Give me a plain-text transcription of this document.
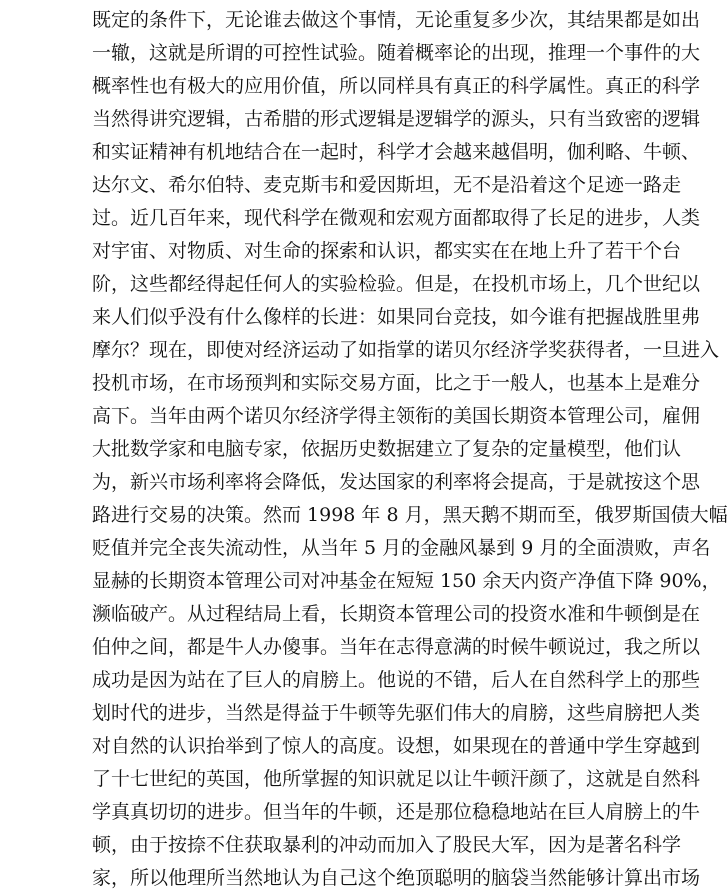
既定的条件下，无论谁去做这个事情，无论重复多少次，其结果都是如出
一辙，这就是所谓的可控性试验。随着概率论的出现，推理一个事件的大
概率性也有极大的应用价值，所以同样具有真正的科学属性。真正的科学
当然得讲究逻辑，古希腊的形式逻辑是逻辑学的源头，只有当致密的逻辑
和实证精神有机地结合在一起时，科学才会越来越倡明，伽利略、牛顿、
达尔文、希尔伯特、麦克斯韦和爱因斯坦，无不是沿着这个足迹一路走
过。近几百年来，现代科学在微观和宏观方面都取得了长足的进步，人类
对宇宙、对物质、对生命的探索和认识，都实实在在地上升了若干个台
阶，这些都经得起任何人的实验检验。但是，在投机市场上，几个世纪以
来人们似乎没有什么像样的长进：如果同台竞技，如今谁有把握战胜里弗
摩尔？现在，即使对经济运动了如指掌的诺贝尔经济学奖获得者，一旦进入
投机市场，在市场预判和实际交易方面，比之于一般人，也基本上是难分
高下。当年由两个诺贝尔经济学得主领衔的美国长期资本管理公司，雇佣
大批数学家和电脑专家，依据历史数据建立了复杂的定量模型，他们认
为，新兴市场利率将会降低，发达国家的利率将会提高，于是就按这个思
路进行交易的决策。然而 1998 年 8 月，黑天鹅不期而至，俄罗斯国债大幅
贬值并完全丧失流动性，从当年 5 月的金融风暴到 9 月的全面溃败，声名
显赫的长期资本管理公司对冲基金在短短 150 余天内资产净值下降 90%，
濒临破产。从过程结局上看，长期资本管理公司的投资水准和牛顿倒是在
伯仲之间，都是牛人办傻事。当年在志得意满的时候牛顿说过，我之所以
成功是因为站在了巨人的肩膀上。他说的不错，后人在自然科学上的那些
划时代的进步，当然是得益于牛顿等先驱们伟大的肩膀，这些肩膀把人类
对自然的认识抬举到了惊人的高度。设想，如果现在的普通中学生穿越到
了十七世纪的英国，他所掌握的知识就足以让牛顿汗颜了，这就是自然科
学真真切切的进步。但当年的牛顿，还是那位稳稳地站在巨人肩膀上的牛
顿，由于按捺不住获取暴利的冲动而加入了股民大军，因为是著名科学
家，所以他理所当然地认为自己这个绝顶聪明的脑袋当然能够计算出市场
